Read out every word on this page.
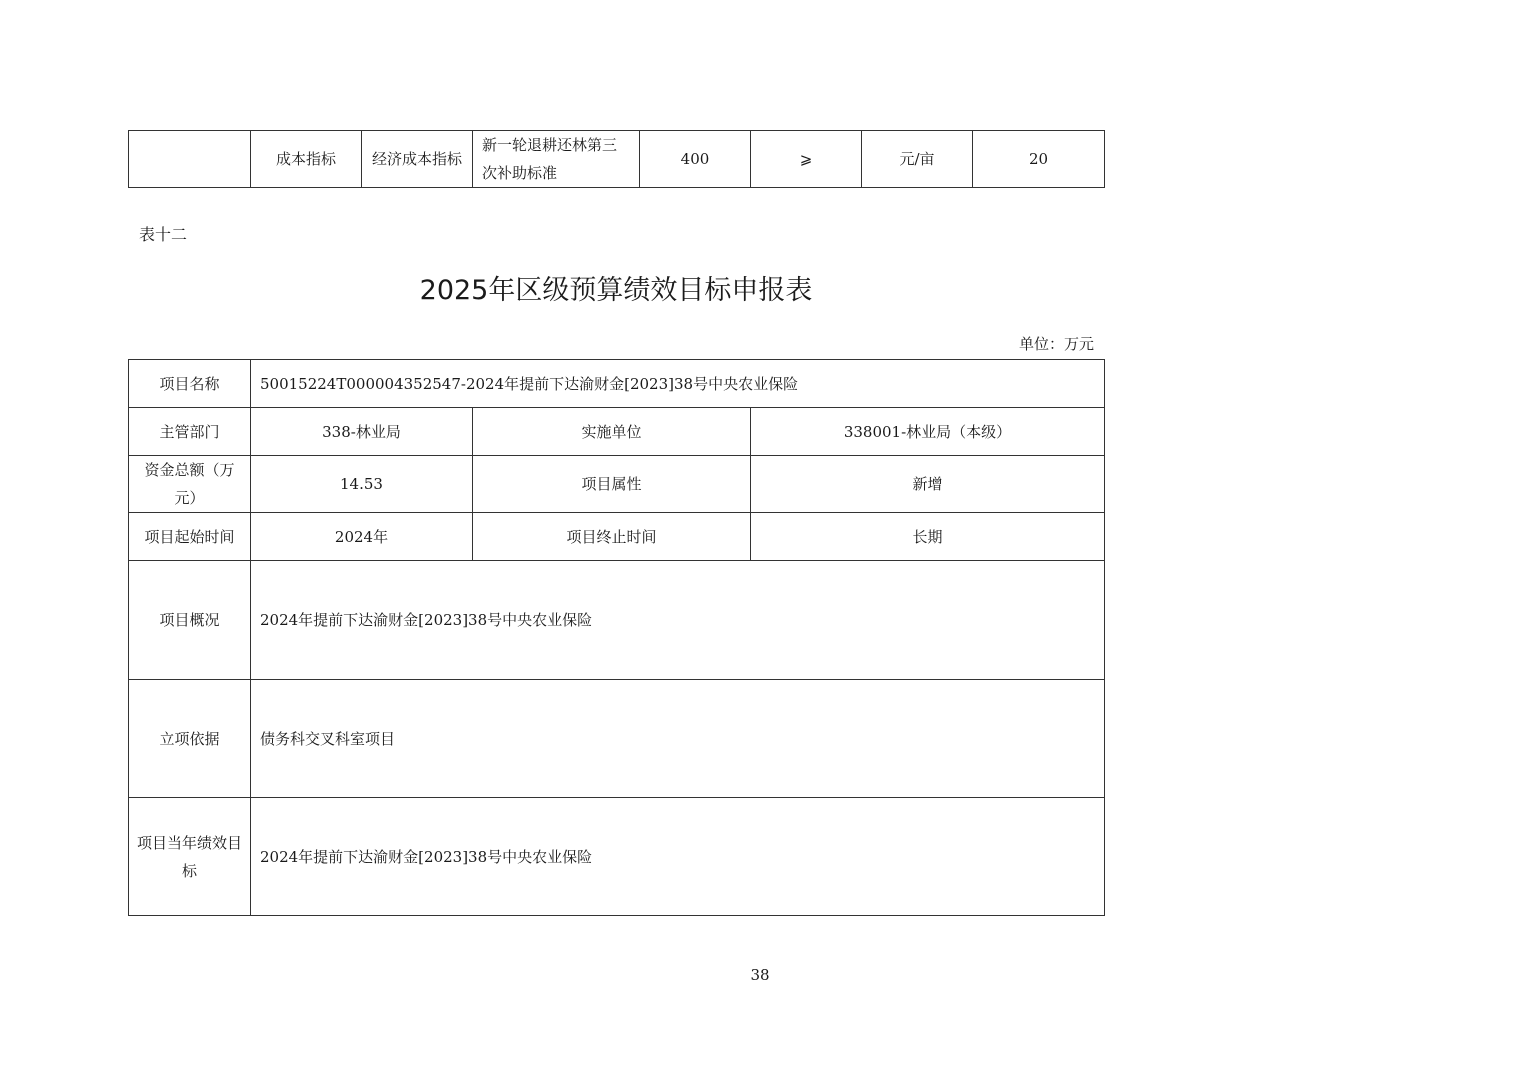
	成本指标	经济成本指标	新一轮退耕还林第三次补助标准	400	⩾	元/亩	20
表十二
2025年区级预算绩效目标申报表
单位：万元
项目名称	50015224T000004352547-2024年提前下达渝财金[2023]38号中央农业保险		
主管部门	338-林业局	实施单位	338001-林业局（本级）
资金总额（万元）	14.53	项目属性	新增
项目起始时间	2024年	项目终止时间	长期
项目概况	2024年提前下达渝财金[2023]38号中央农业保险		
立项依据	债务科交叉科室项目		
项目当年绩效目标	2024年提前下达渝财金[2023]38号中央农业保险		
38
